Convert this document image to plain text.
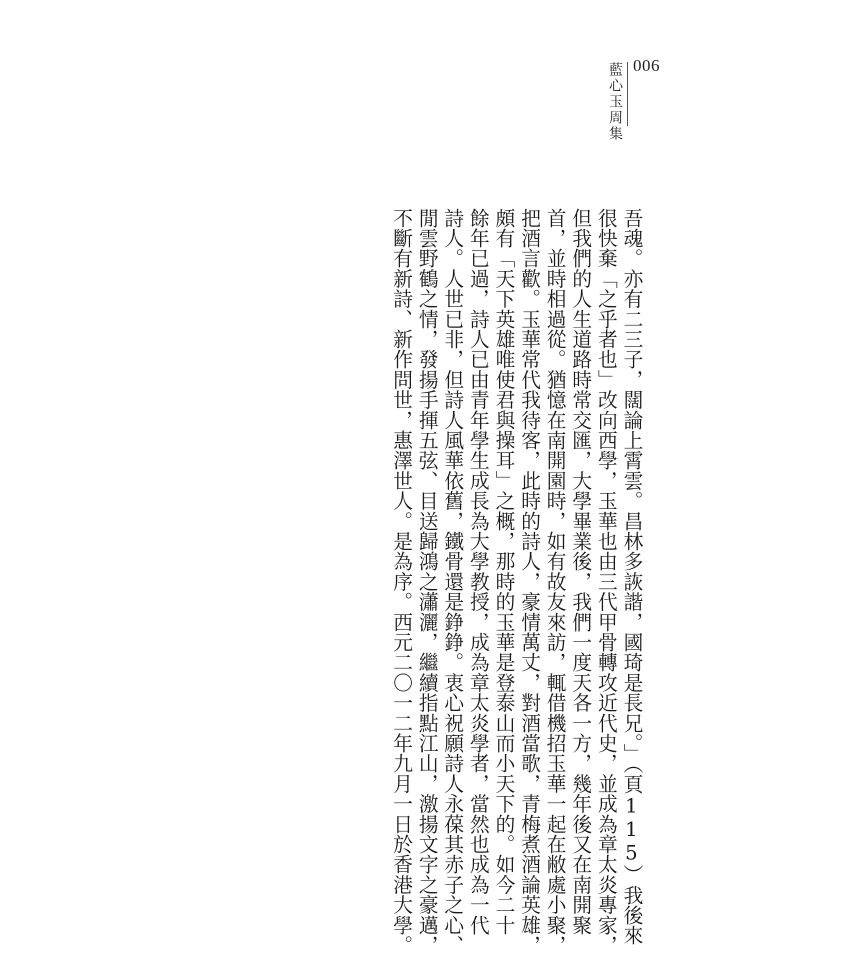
006
藍心玉周集

吾魂。亦有二三子，闊論上霄雲。昌林多詼諧，國琦是長兄。」（頁115）我後來

很快棄「之乎者也」改向西學，玉華也由三代甲骨轉攻近代史，並成為章太炎專家，

但我們的人生道路時常交匯，大學畢業後，我們一度天各一方，幾年後又在南開聚

首，並時相過從。猶憶在南開園時，如有故友來訪，輒借機招玉華一起在敝處小聚，

把酒言歡。玉華常代我待客，此時的詩人，豪情萬丈，對酒當歌，青梅煮酒論英雄，

頗有「天下英雄唯使君與操耳」之概，那時的玉華是登泰山而小天下的。如今二十

餘年已過，詩人已由青年學生成長為大學教授，成為章太炎學者，當然也成為一代

詩人。人世已非，但詩人風華依舊，鐵骨還是錚錚。衷心祝願詩人永葆其赤子之心、

閒雲野鶴之情，發揚手揮五弦、目送歸鴻之瀟灑，繼續指點江山，激揚文字之豪邁，

不斷有新詩、新作問世，惠澤世人。是為序。西元二〇一二年九月一日於香港大學。
